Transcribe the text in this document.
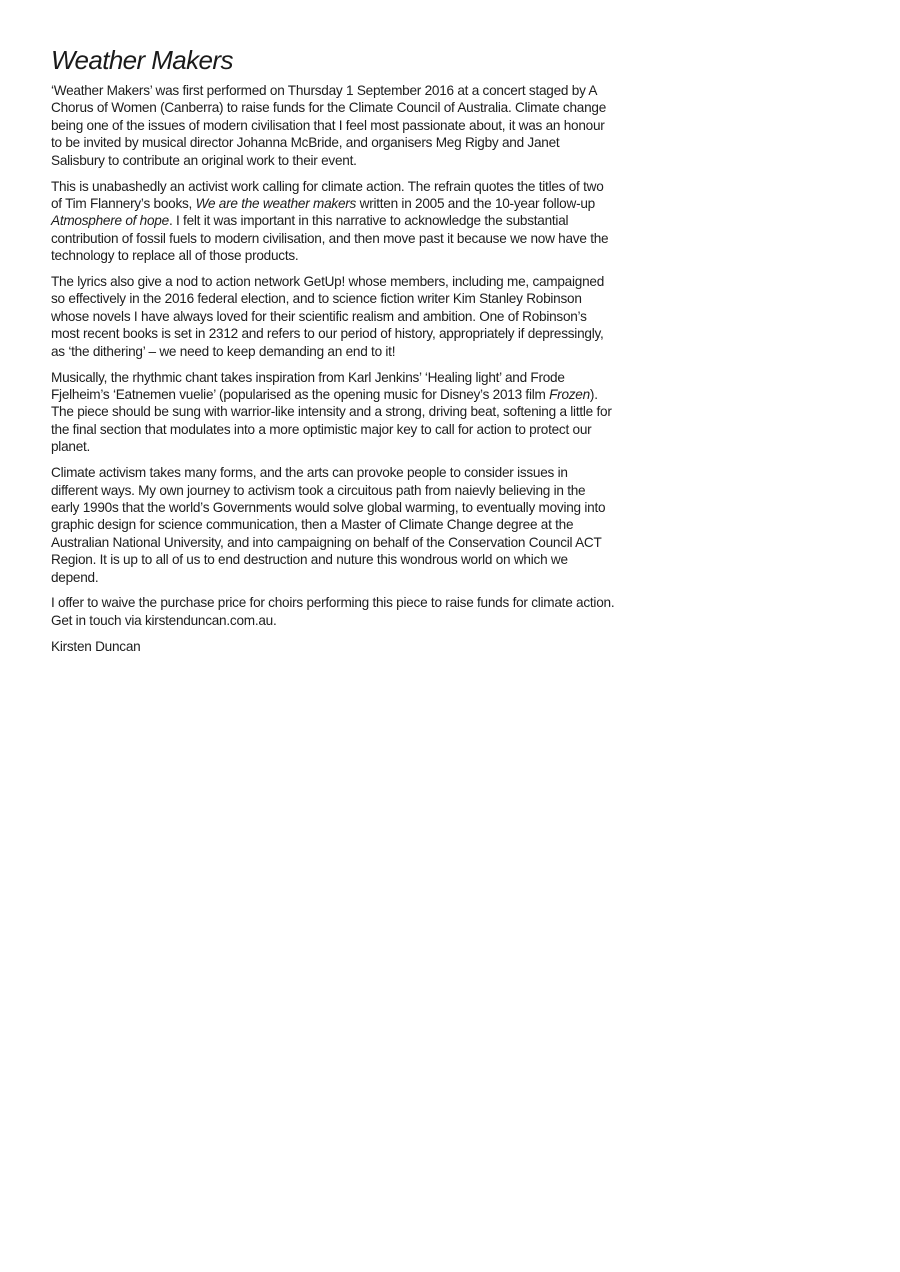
Weather Makers

‘Weather Makers’ was first performed on Thursday 1 September 2016 at a concert staged by A Chorus of Women (Canberra) to raise funds for the Climate Council of Australia. Climate change being one of the issues of modern civilisation that I feel most passionate about, it was an honour to be invited by musical director Johanna McBride, and organisers Meg Rigby and Janet Salisbury to contribute an original work to their event.

This is unabashedly an activist work calling for climate action. The refrain quotes the titles of two of Tim Flannery’s books, We are the weather makers written in 2005 and the 10-year follow-up Atmosphere of hope. I felt it was important in this narrative to acknowledge the substantial contribution of fossil fuels to modern civilisation, and then move past it because we now have the technology to replace all of those products.

The lyrics also give a nod to action network GetUp! whose members, including me, campaigned so effectively in the 2016 federal election, and to science fiction writer Kim Stanley Robinson whose novels I have always loved for their scientific realism and ambition. One of Robinson’s most recent books is set in 2312 and refers to our period of history, appropriately if depressingly, as ‘the dithering’ – we need to keep demanding an end to it!

Musically, the rhythmic chant takes inspiration from Karl Jenkins’ ‘Healing light’ and Frode Fjelheim’s ‘Eatnemen vuelie’ (popularised as the opening music for Disney’s 2013 film Frozen). The piece should be sung with warrior-like intensity and a strong, driving beat, softening a little for the final section that modulates into a more optimistic major key to call for action to protect our planet.

Climate activism takes many forms, and the arts can provoke people to consider issues in different ways. My own journey to activism took a circuitous path from naievly believing in the early 1990s that the world’s Governments would solve global warming, to eventually moving into graphic design for science communication, then a Master of Climate Change degree at the Australian National University, and into campaigning on behalf of the Conservation Council ACT Region. It is up to all of us to end destruction and nuture this wondrous world on which we depend.

I offer to waive the purchase price for choirs performing this piece to raise funds for climate action. Get in touch via kirstenduncan.com.au.

Kirsten Duncan
